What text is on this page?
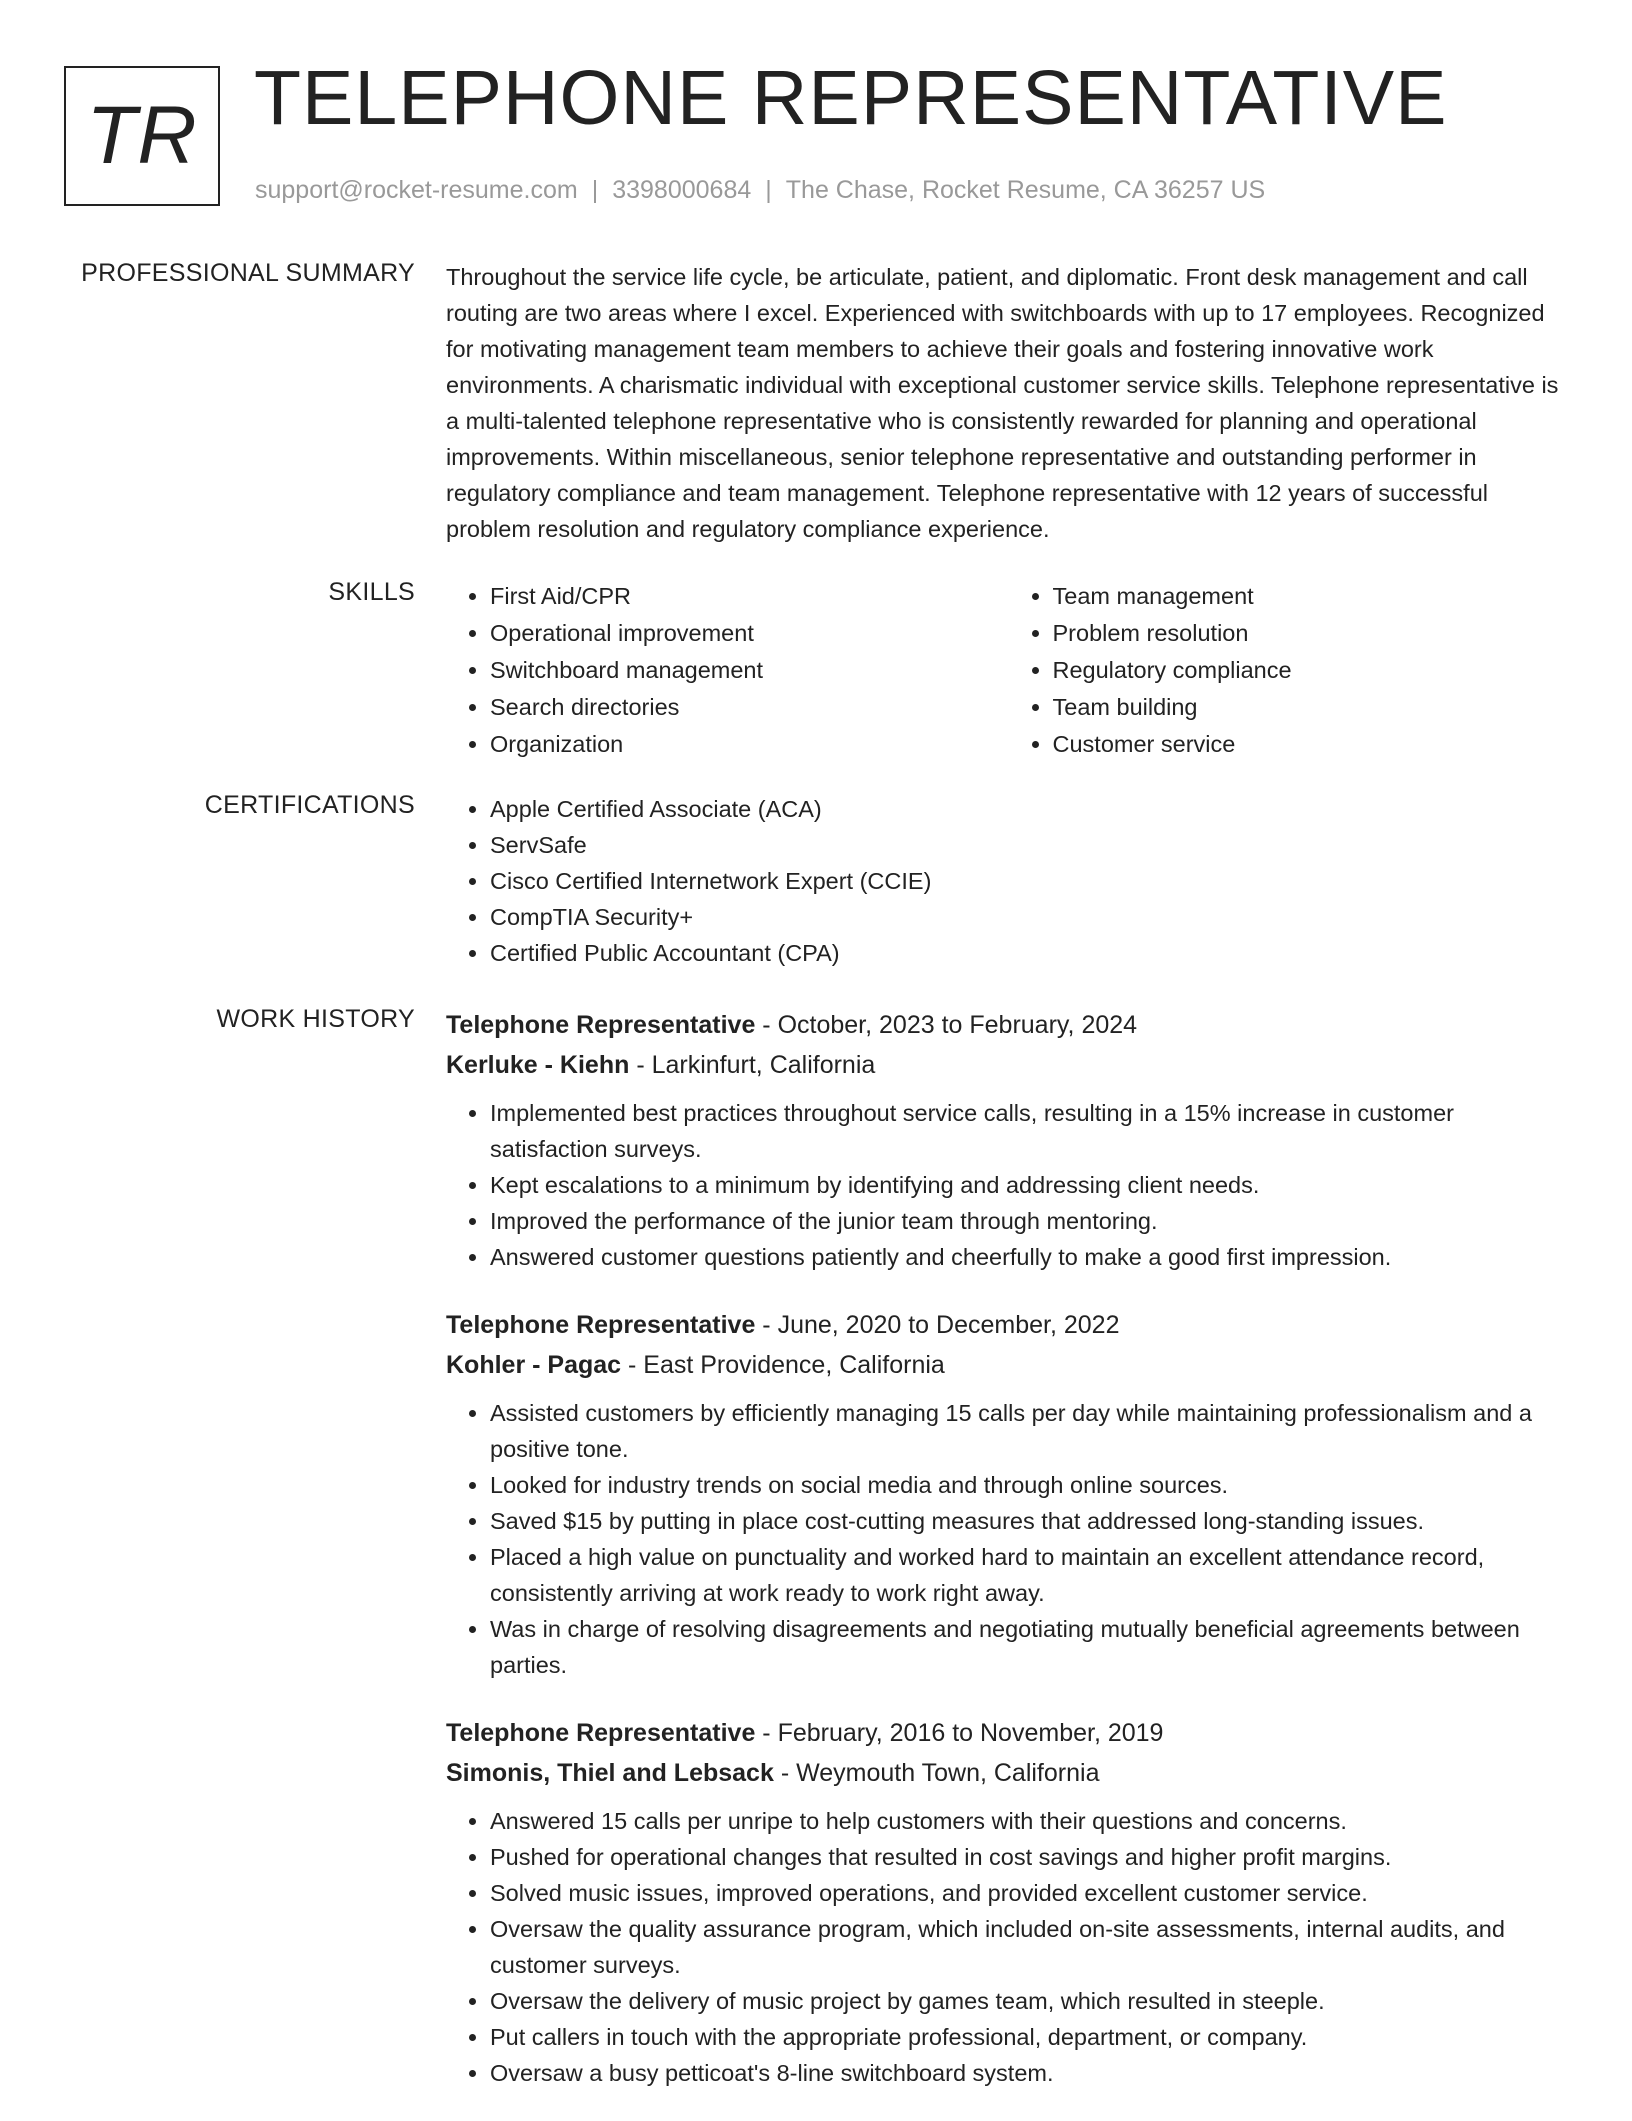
TR TELEPHONE REPRESENTATIVE
support@rocket-resume.com | 3398000684 | The Chase, Rocket Resume, CA 36257 US
PROFESSIONAL SUMMARY Throughout the service life cycle, be articulate, patient, and diplomatic. Front desk management and call routing are two areas where I excel. Experienced with switchboards with up to 17 employees. Recognized for motivating management team members to achieve their goals and fostering innovative work environments. A charismatic individual with exceptional customer service skills. Telephone representative is a multi-talented telephone representative who is consistently rewarded for planning and operational improvements. Within miscellaneous, senior telephone representative and outstanding performer in regulatory compliance and team management. Telephone representative with 12 years of successful problem resolution and regulatory compliance experience.

SKILLS	• First Aid/CPR
• Operational improvement
• Switchboard management
• Search directories
• Organization
• Team management
• Problem resolution
• Regulatory compliance
• Team building
• Customer service
CERTIFICATIONS	• Apple Certified Associate (ACA)
• ServSafe
• Cisco Certified Internetwork Expert (CCIE)
• CompTIA Security+
• Certified Public Accountant (CPA)
WORK HISTORY Telephone Representative - October, 2023 to February, 2024
Kerluke - Kiehn - Larkinfurt, California
• Implemented best practices throughout service calls, resulting in a 15% increase in customer satisfaction surveys.
• Kept escalations to a minimum by identifying and addressing client needs.
• Improved the performance of the junior team through mentoring.
• Answered customer questions patiently and cheerfully to make a good first impression.
Telephone Representative - June, 2020 to December, 2022
Kohler - Pagac - East Providence, California
• Assisted customers by efficiently managing 15 calls per day while maintaining professionalism and a positive tone.
• Looked for industry trends on social media and through online sources.
• Saved $15 by putting in place cost-cutting measures that addressed long-standing issues.
• Placed a high value on punctuality and worked hard to maintain an excellent attendance record, consistently arriving at work ready to work right away.
• Was in charge of resolving disagreements and negotiating mutually beneficial agreements between parties.
Telephone Representative - February, 2016 to November, 2019
Simonis, Thiel and Lebsack - Weymouth Town, California
• Answered 15 calls per unripe to help customers with their questions and concerns.
• Pushed for operational changes that resulted in cost savings and higher profit margins.
• Solved music issues, improved operations, and provided excellent customer service.
• Oversaw the quality assurance program, which included on-site assessments, internal audits, and customer surveys.
• Oversaw the delivery of music project by games team, which resulted in steeple.
• Put callers in touch with the appropriate professional, department, or company.
• Oversaw a busy petticoat's 8-line switchboard system.
